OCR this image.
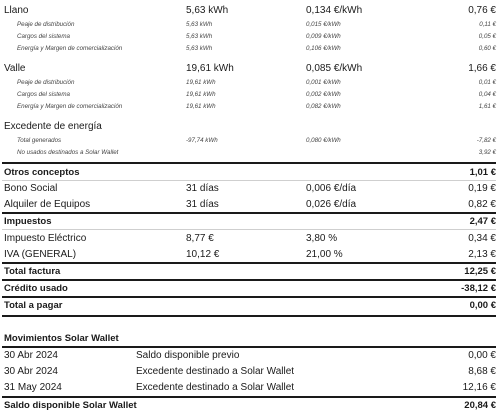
Llano	5,63 kWh	0,134 €/kWh	0,76 €
Peaje de distribución	5,63 kWh	0,015 €/kWh	0,11 €
Cargos del sistema	5,63 kWh	0,009 €/kWh	0,05 €
Energía y Margen de comercialización	5,63 kWh	0,106 €/kWh	0,60 €
Valle	19,61 kWh	0,085 €/kWh	1,66 €
Peaje de distribución	19,61 kWh	0,001 €/kWh	0,01 €
Cargos del sistema	19,61 kWh	0,002 €/kWh	0,04 €
Energía y Margen de comercialización	19,61 kWh	0,082 €/kWh	1,61 €
Excedente de energía
Total generados	-97,74 kWh	0,080 €/kWh	-7,82 €
No usados destinados a Solar Wallet	3,92 €
Otros conceptos	1,01 €
Bono Social	31 días	0,006 €/día	0,19 €
Alquiler de Equipos	31 días	0,026 €/día	0,82 €
Impuestos	2,47 €
Impuesto Eléctrico	8,77 €	3,80 %	0,34 €
IVA (GENERAL)	10,12 €	21,00 %	2,13 €
Total factura	12,25 €
Crédito usado	-38,12 €
Total a pagar	0,00 €
Movimientos Solar Wallet
30 Abr 2024	Saldo disponible previo	0,00 €
30 Abr 2024	Excedente destinado a Solar Wallet	8,68 €
31 May 2024	Excedente destinado a Solar Wallet	12,16 €
Saldo disponible Solar Wallet	20,84 €
